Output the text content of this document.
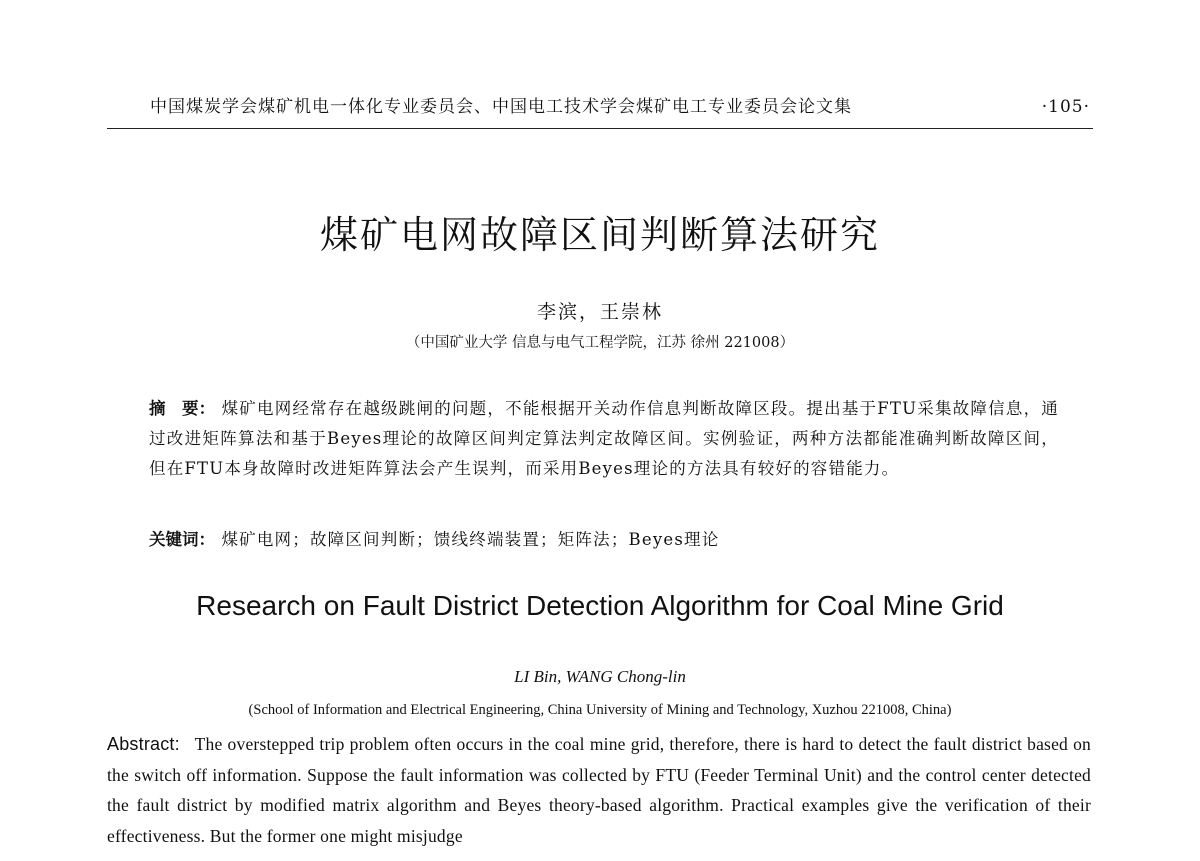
中国煤炭学会煤矿机电一体化专业委员会、中国电工技术学会煤矿电工专业委员会论文集	·105·
煤矿电网故障区间判断算法研究
李滨，王崇林
（中国矿业大学 信息与电气工程学院，江苏 徐州 221008）
摘　要： 煤矿电网经常存在越级跳闸的问题，不能根据开关动作信息判断故障区段。提出基于FTU采集故障信息，通过改进矩阵算法和基于Beyes理论的故障区间判定算法判定故障区间。实例验证，两种方法都能准确判断故障区间，但在FTU本身故障时改进矩阵算法会产生误判，而采用Beyes理论的方法具有较好的容错能力。
关键词： 煤矿电网；故障区间判断；馈线终端装置；矩阵法；Beyes理论
Research on Fault District Detection Algorithm for Coal Mine Grid
LI Bin, WANG Chong-lin
(School of Information and Electrical Engineering, China University of Mining and Technology, Xuzhou 221008, China)
Abstract: The overstepped trip problem often occurs in the coal mine grid, therefore, there is hard to detect the fault district based on the switch off information. Suppose the fault information was collected by FTU (Feeder Terminal Unit) and the control center detected the fault district by modified matrix algorithm and Beyes theory-based algorithm. Practical examples give the verification of their effectiveness. But the former one might misjudge
